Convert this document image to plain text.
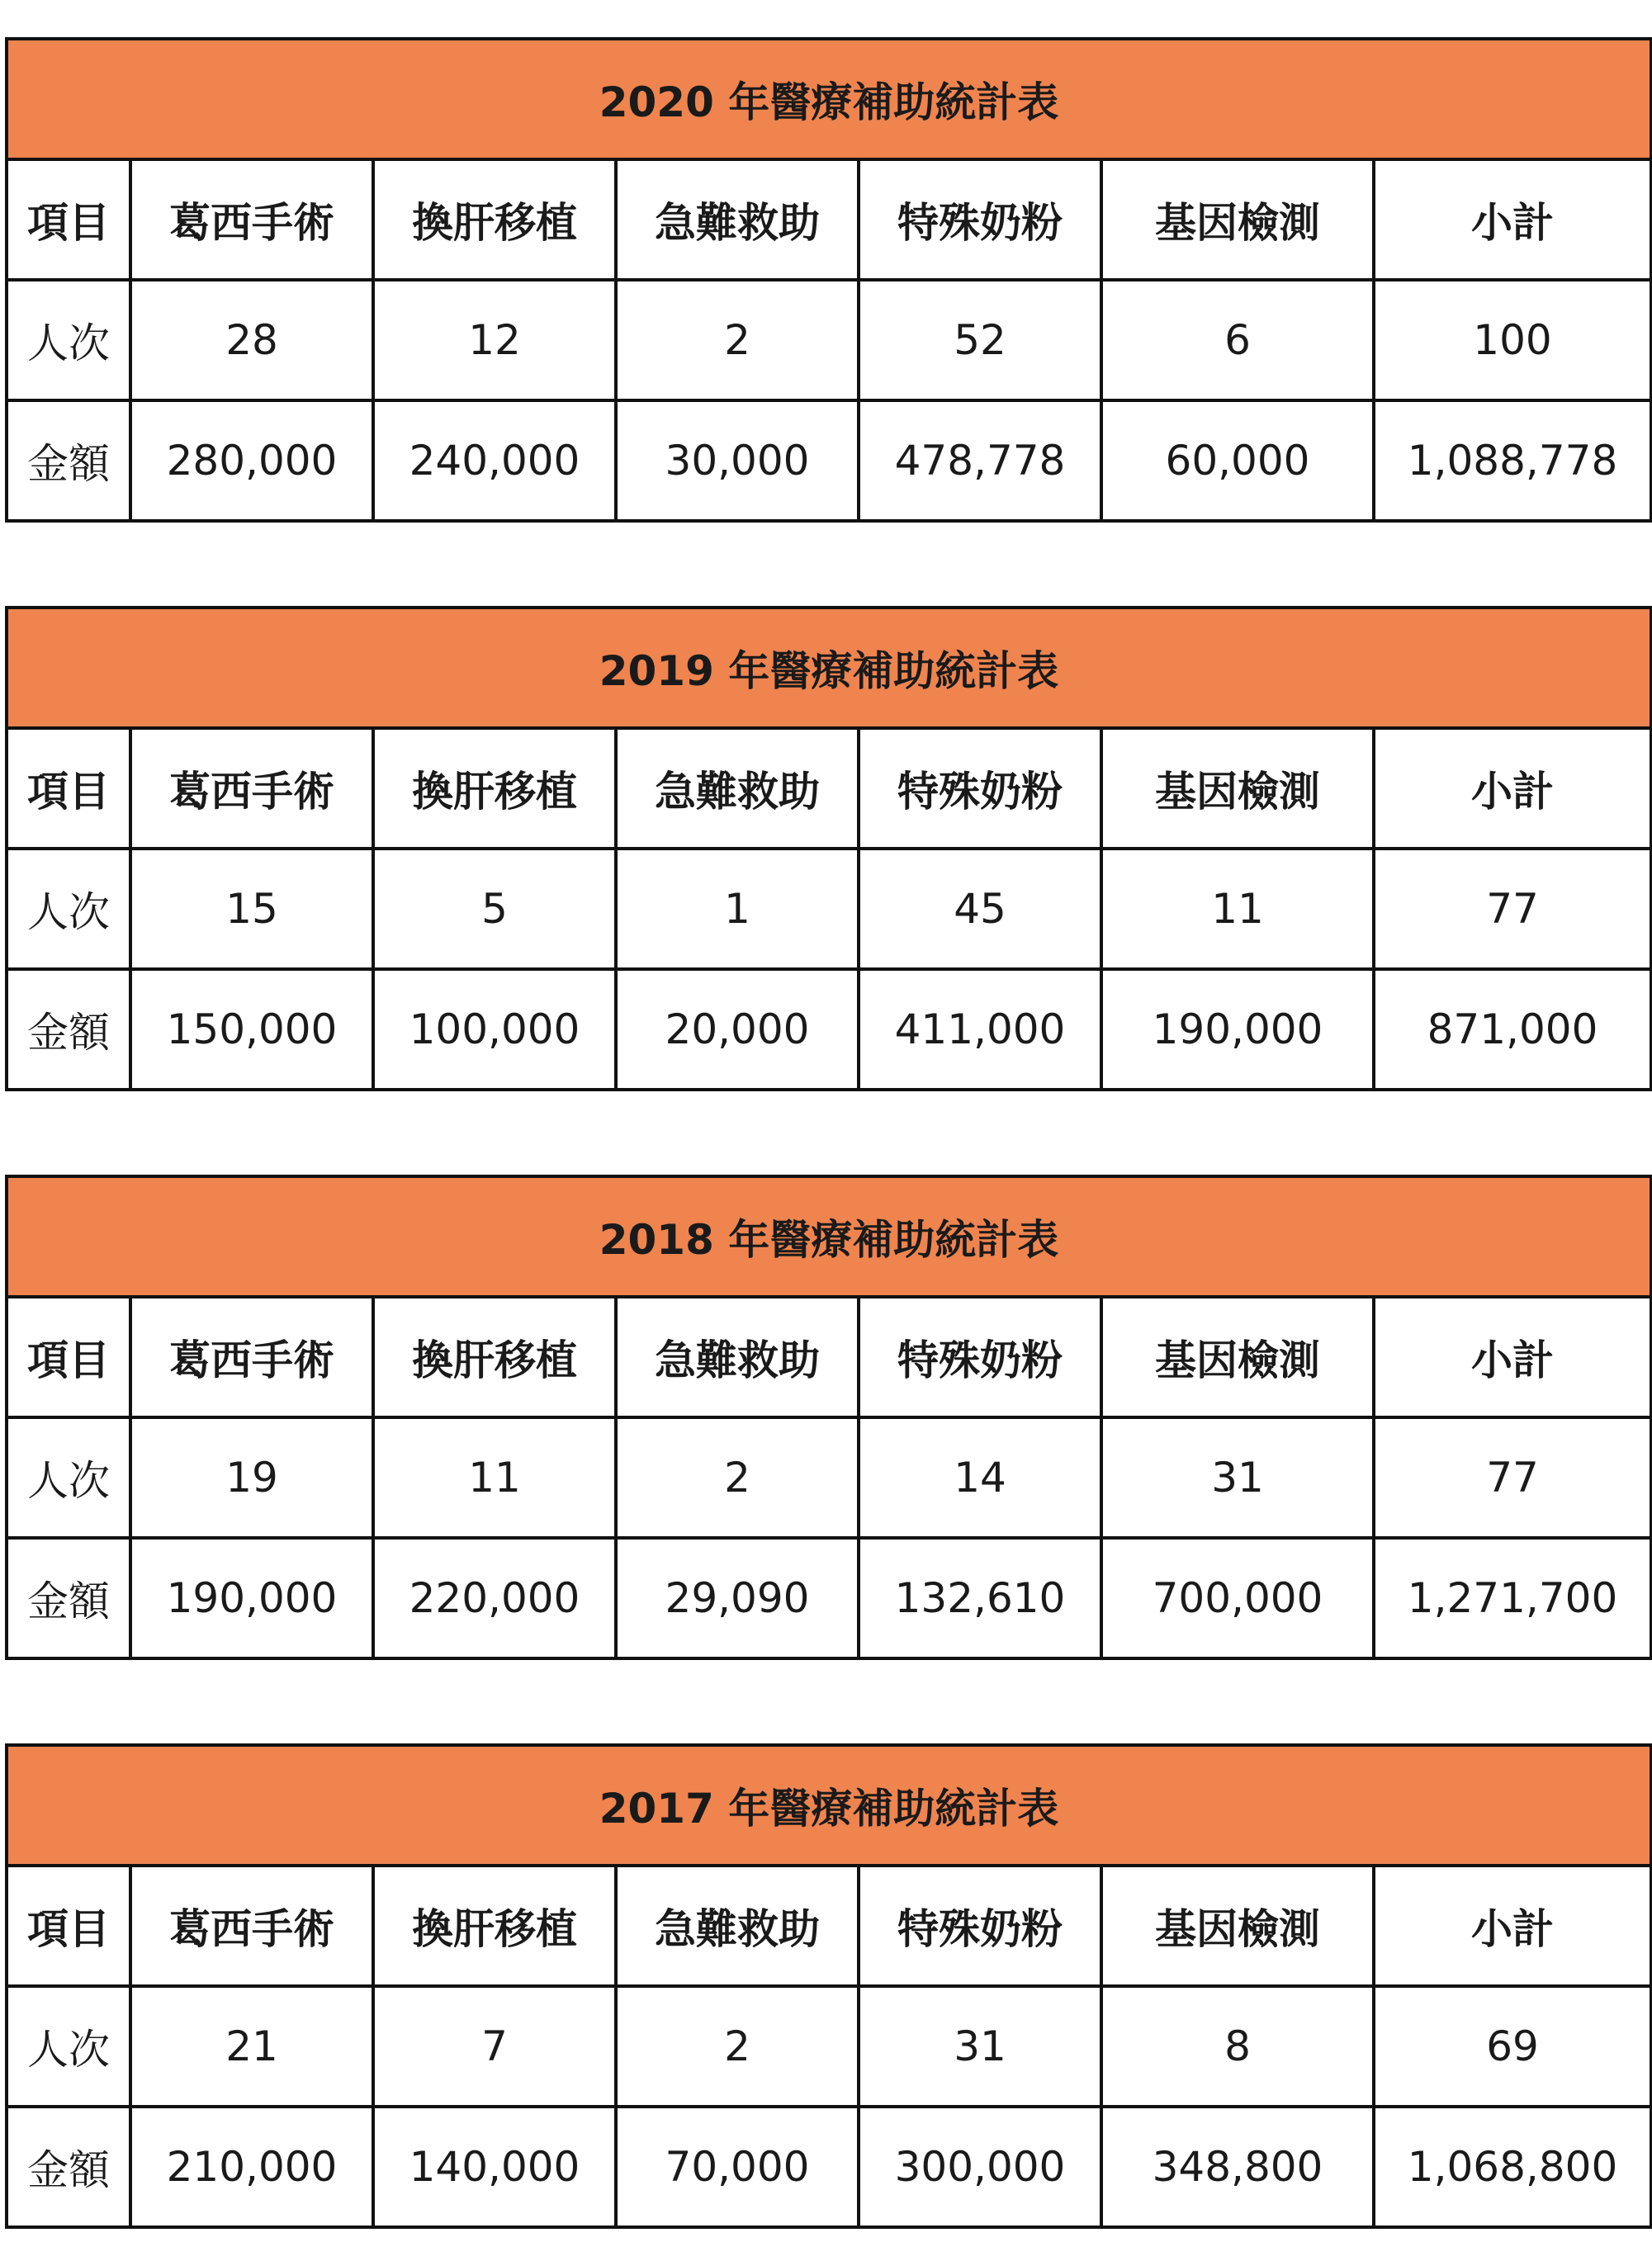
2020 年醫療補助統計表						
項目	葛西手術	換肝移植	急難救助	特殊奶粉	基因檢測	小計
人次	28	12	2	52	6	100
金額	280,000	240,000	30,000	478,778	60,000	1,088,778
2019 年醫療補助統計表						
項目	葛西手術	換肝移植	急難救助	特殊奶粉	基因檢測	小計
人次	15	5	1	45	11	77
金額	150,000	100,000	20,000	411,000	190,000	871,000
2018 年醫療補助統計表						
項目	葛西手術	換肝移植	急難救助	特殊奶粉	基因檢測	小計
人次	19	11	2	14	31	77
金額	190,000	220,000	29,090	132,610	700,000	1,271,700
2017 年醫療補助統計表						
項目	葛西手術	換肝移植	急難救助	特殊奶粉	基因檢測	小計
人次	21	7	2	31	8	69
金額	210,000	140,000	70,000	300,000	348,800	1,068,800
